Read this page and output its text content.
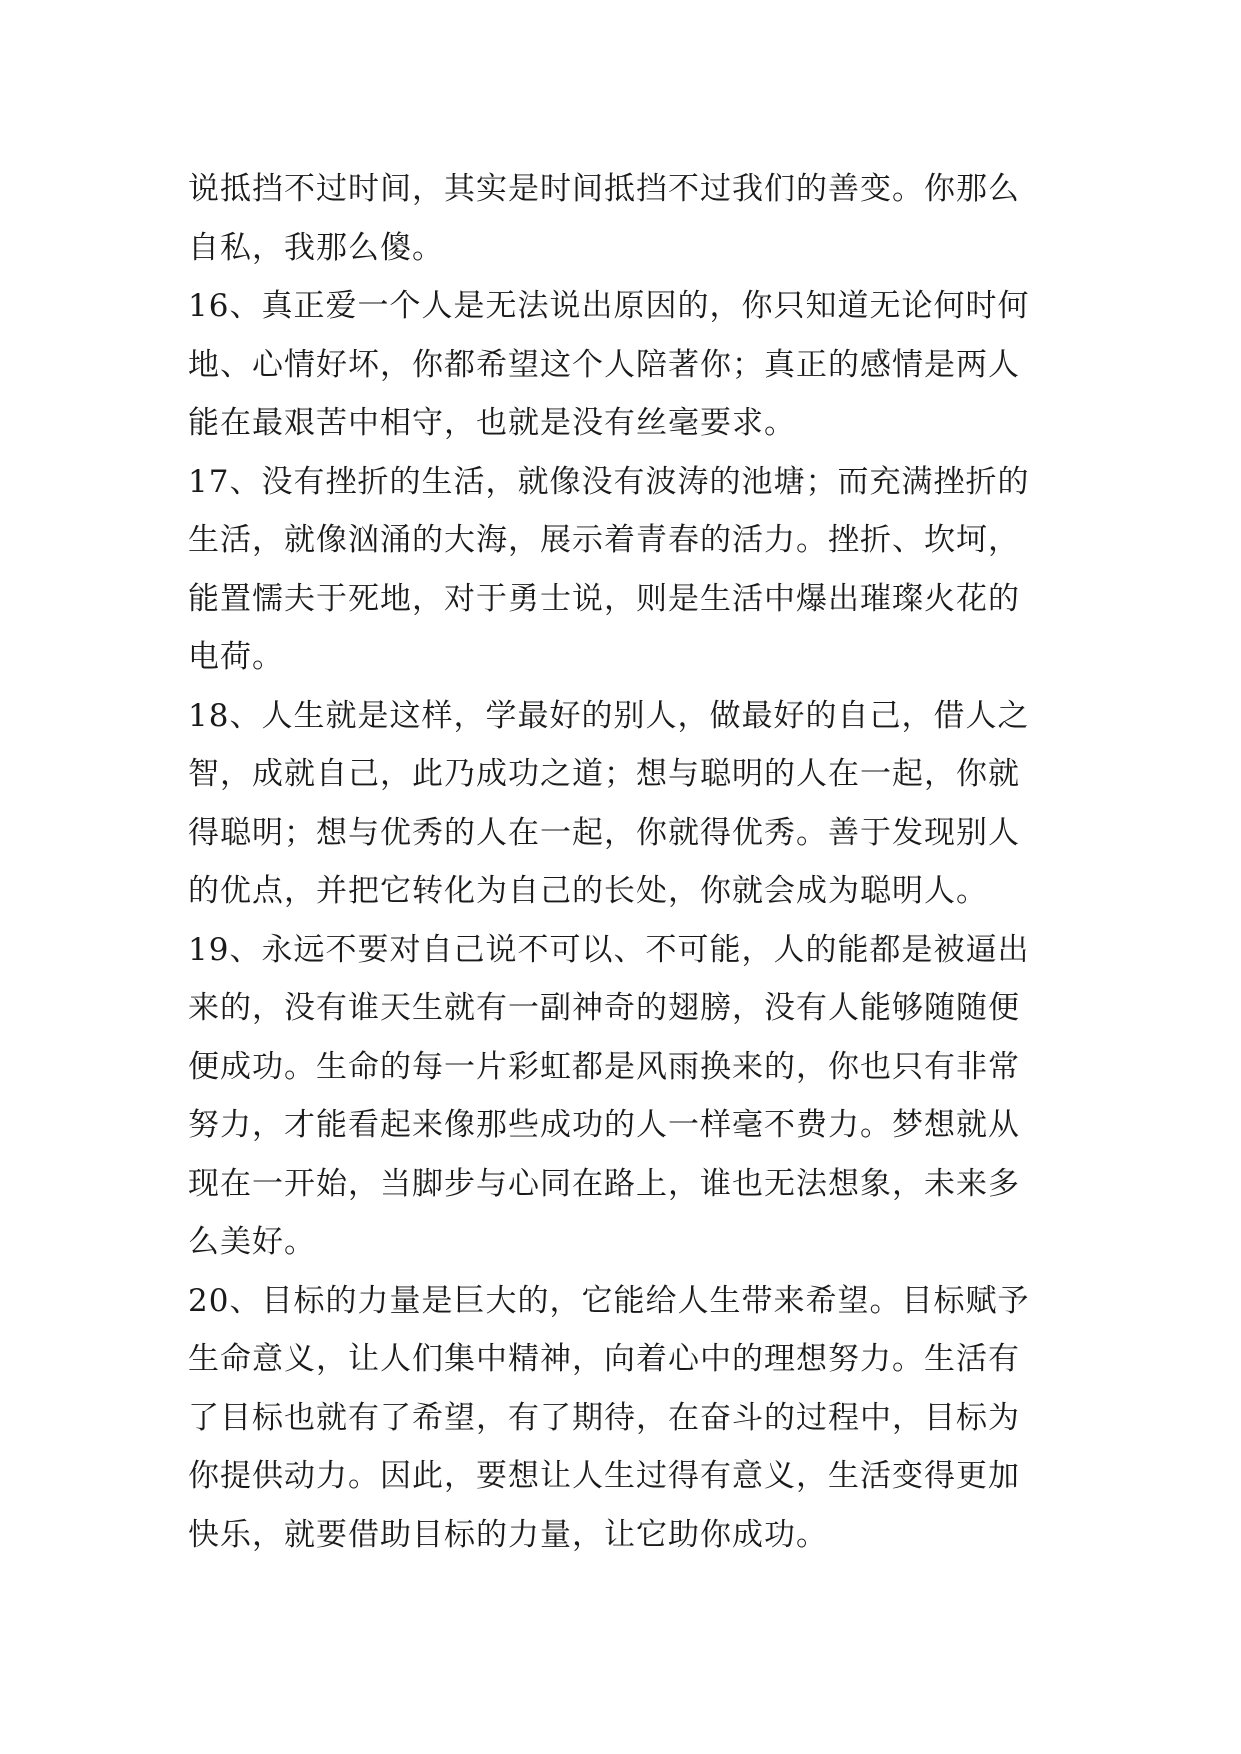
说抵挡不过时间，其实是时间抵挡不过我们的善变。你那么
自私，我那么傻。
16、真正爱一个人是无法说出原因的，你只知道无论何时何
地、心情好坏，你都希望这个人陪著你；真正的感情是两人
能在最艰苦中相守，也就是没有丝毫要求。
17、没有挫折的生活，就像没有波涛的池塘；而充满挫折的
生活，就像汹涌的大海，展示着青春的活力。挫折、坎坷，
能置懦夫于死地，对于勇士说，则是生活中爆出璀璨火花的
电荷。
18、人生就是这样，学最好的别人，做最好的自己，借人之
智，成就自己，此乃成功之道；想与聪明的人在一起，你就
得聪明；想与优秀的人在一起，你就得优秀。善于发现别人
的优点，并把它转化为自己的长处，你就会成为聪明人。
19、永远不要对自己说不可以、不可能，人的能都是被逼出
来的，没有谁天生就有一副神奇的翅膀，没有人能够随随便
便成功。生命的每一片彩虹都是风雨换来的，你也只有非常
努力，才能看起来像那些成功的人一样毫不费力。梦想就从
现在一开始，当脚步与心同在路上，谁也无法想象，未来多
么美好。
20、目标的力量是巨大的，它能给人生带来希望。目标赋予
生命意义，让人们集中精神，向着心中的理想努力。生活有
了目标也就有了希望，有了期待，在奋斗的过程中，目标为
你提供动力。因此，要想让人生过得有意义，生活变得更加
快乐，就要借助目标的力量，让它助你成功。
